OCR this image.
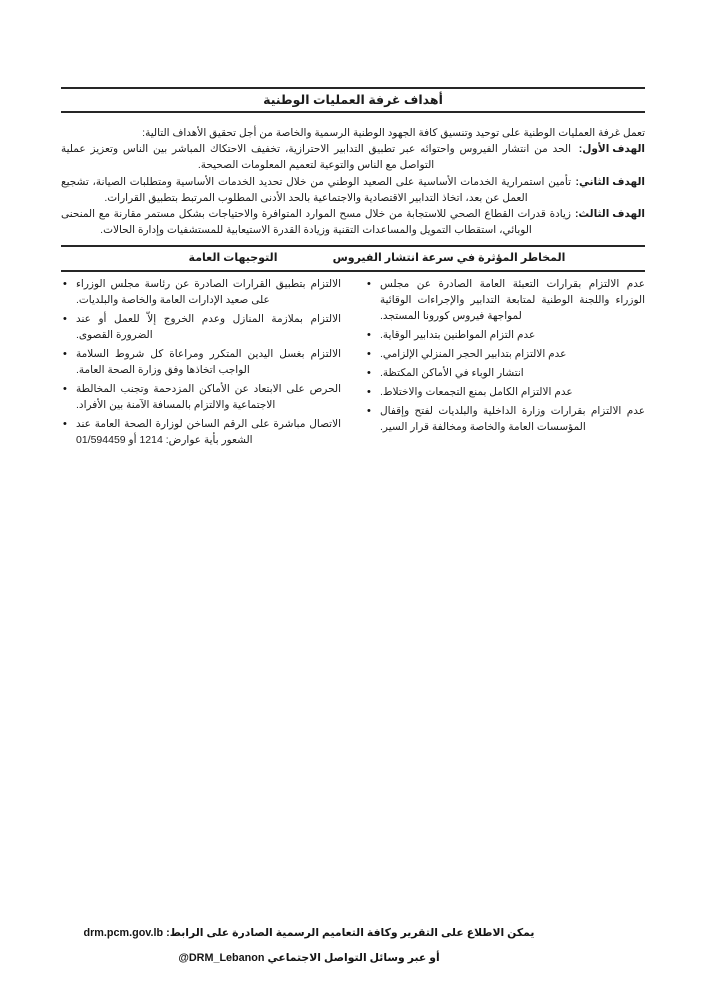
أهداف غرفة العمليات الوطنية

تعمل غرفة العمليات الوطنية على توحيد وتنسيق كافة الجهود الوطنية الرسمية والخاصة من أجل تحقيق الأهداف التالية:

الهدف الأول:
الحد من انتشار الفيروس واحتوائه عبر تطبيق التدابير الاحترازية، تخفيف الاحتكاك المباشر بين الناس وتعزيز عملية التواصل مع الناس والتوعية لتعميم المعلومات الصحيحة.
الهدف الثاني:
تأمين استمرارية الخدمات الأساسية على الصعيد الوطني من خلال تحديد الخدمات الأساسية ومتطلبات الصيانة، تشجيع العمل عن بعد، اتخاذ التدابير الاقتصادية والاجتماعية بالحد الأدنى المطلوب المرتبط بتطبيق القرارات.
الهدف الثالث:
زيادة قدرات القطاع الصحي للاستجابة من خلال مسح الموارد المتوافرة والاحتياجات بشكل مستمر مقارنة مع المنحنى الوبائي، استقطاب التمويل والمساعدات التقنية وزيادة القدرة الاستيعابية للمستشفيات وإدارة الحالات.
المخاطر المؤثرة في سرعة انتشار الفيروس
التوجيهات العامة
• عدم الالتزام بقرارات التعبئة العامة الصادرة عن مجلس الوزراء واللجنة الوطنية لمتابعة التدابير والإجراءات الوقائية لمواجهة فيروس كورونا المستجد.
• عدم التزام المواطنين بتدابير الوقاية.
• عدم الالتزام بتدابير الحجر المنزلي الإلزامي.
• انتشار الوباء في الأماكن المكتظة.
• عدم الالتزام الكامل بمنع التجمعات والاختلاط.
• عدم الالتزام بقرارات وزارة الداخلية والبلديات لفتح وإقفال المؤسسات العامة والخاصة ومخالفة قرار السير.
• الالتزام بتطبيق القرارات الصادرة عن رئاسة مجلس الوزراء على صعيد الإدارات العامة والخاصة والبلديات.
• الالتزام بملازمة المنازل وعدم الخروج إلاّ للعمل أو عند الضرورة القصوى.
• الالتزام بغسل اليدين المتكرر ومراعاة كل شروط السلامة الواجب اتخاذها وفق وزارة الصحة العامة.
• الحرص على الابتعاد عن الأماكن المزدحمة وتجنب المخالطة الاجتماعية والالتزام بالمسافة الآمنة بين الأفراد.
• الاتصال مباشرة على الرقم الساخن لوزارة الصحة العامة عند الشعور بأية عوارض: 1214 أو 01/594459
يمكن الاطلاع على التقرير وكافة التعاميم الرسمية الصادرة على الرابط: drm.pcm.gov.lb
أو عبر وسائل التواصل الاجتماعي @DRM_Lebanon
